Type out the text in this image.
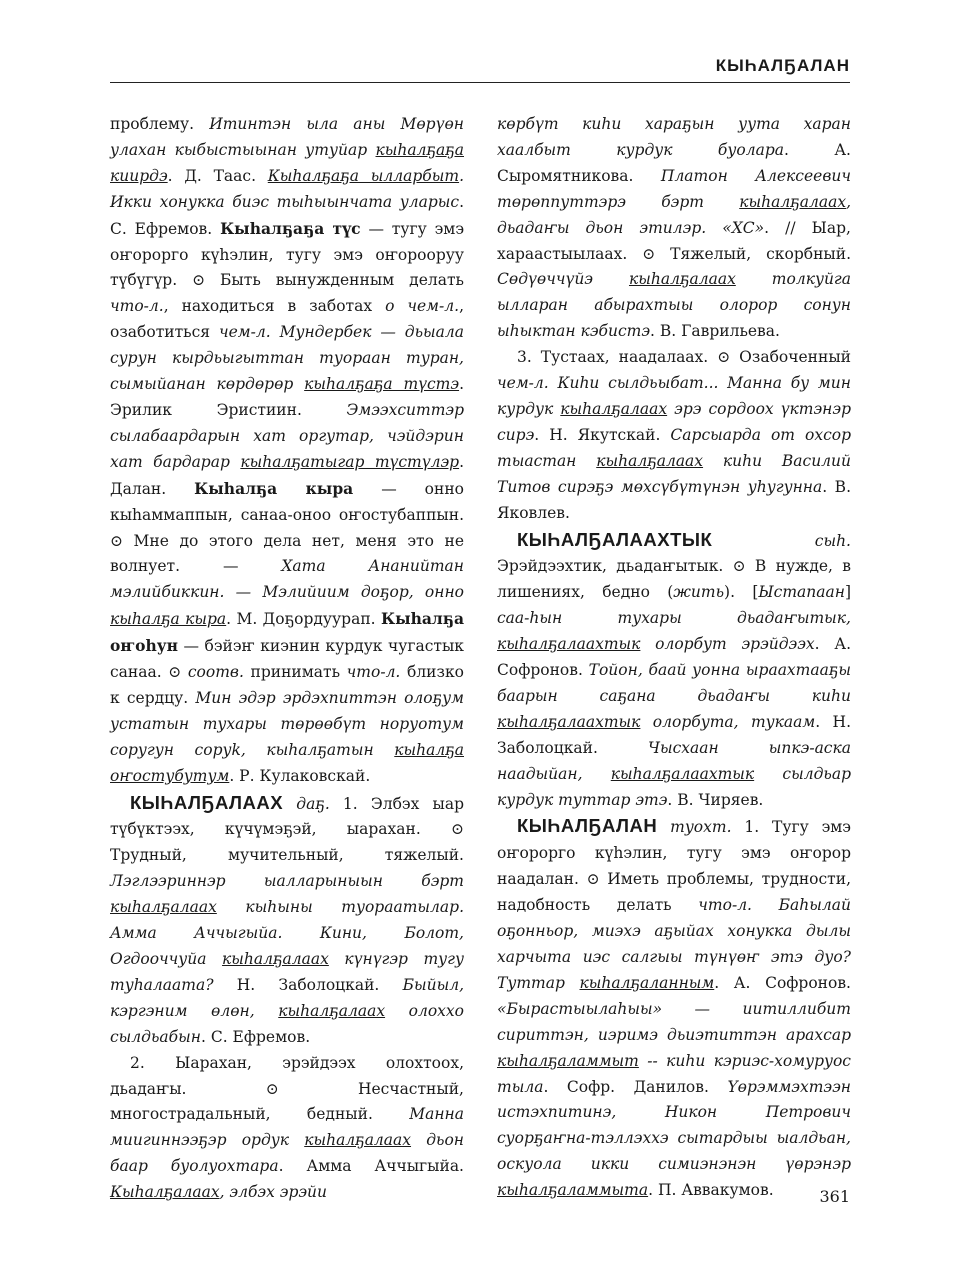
КЫҺАЛҔАЛАН

проблему. Итинтэн ыла аны Мөрүөн улахан кыбыстыынан утуйар кыһалҕаҕа киирдэ. Д. Таас. Кыһалҕаҕа ылларбыт. Икки хонукка биэс тыһыынчата уларыс. С. Ефремов. Кыһалҕаҕа түс — тугу эмэ оҥорорго күһэлин, тугу эмэ оҥорооруу түбүгүр. ⊙ Быть вынужденным делать что-л., находиться в заботах о чем-л., озаботиться чем-л. Мундербек — дьыала сурун кырдьыгыттан туораан туран, сымыйанан көрдөрөр кыһалҕаҕа түстэ. Эрилик Эристиин. Эмээхситтэр сылабаардарын хат оргутар, чэйдэрин хат бардарар кыһалҕатыгар түстүлэр. Далан. Кыһалҕа кыра — онно кыһаммаппын, санаа-оноо оҥостубаппын. ⊙ Мне до этого дела нет, меня это не волнует. — Хата Ананийтан мэлийбиккин. — Мэлийиим доҕор, онно кыһалҕа кыра. М. Доҕордуурап. Кыһалҕа оҥоһун — бэйэҥ киэнин курдук чугастык санаа. ⊙ соотв. принимать что-л. близко к сердцу. Мин эдэр эрдэхпиттэн олоҕум устатын тухары төрөөбүт норуотум соругун соруk, кыһалҕатын кыһалҕа оҥостубутум. Р. Кулаковскай.

КЫҺАЛҔАЛААХ даҕ. 1. Элбэх ыар түбүктээх, күчүмэҕэй, ыарахан. ⊙ Трудный, мучительный, тяжелый. Лэглээриннэр ыалларыныын бэрт кыһалҕалаах кыһыны туораатылар. Амма Аччыгыйа. Кини, Болот, Огдооччуйа кыһалҕалаах күнүгэр тугу туһалаата? Н. Заболоцкай. Быйыл, кэргэним өлөн, кыһалҕалаах олоххо сылдьабын. С. Ефремов.

2. Ыарахан, эрэйдээх олохтоох, дьадаҥы. ⊙ Несчастный, многострадальный, бедный. Манна миигиннээҕэр ордук кыһалҕалаах дьон баар буолуохтара. Амма Аччыгыйа. Кыһалҕалаах, элбэх эрэйи

көрбүт киһи хараҕын уута харан хаалбыт курдук буолара. А. Сыромятникова. Платон Алексеевич төрөппуттэрэ бэрт кыһалҕалаах, дьадаҥы дьон этилэр. «ХС». // Ыар, хараастыылаах. ⊙ Тяжелый, скорбный. Сөдүөччүйэ кыһалҕалаах толкуйга ылларан абырахтыы олорор сонун ыһыктан кэбистэ. В. Гаврильева.

3. Тустаах, наадалаах. ⊙ Озабоченный чем-л. Киһи сылдьыбат... Манна бу мин курдук кыһалҕалаах эрэ сордоох үктэнэр сирэ. Н. Якутскай. Сарсыарда от охсор тыастан кыһалҕалаах киһи Василий Титов сирэҕэ мөхсүбүтүнэн уһугунна. В. Яковлев.

КЫҺАЛҔАЛААХТЫК сыһ. Эрэйдээхтик, дьадаҥытык. ⊙ В нужде, в лишениях, бедно (жить). [Ыстапаан] саа-һын тухары дьадаҥытык, кыһалҕалаахтык олорбут эрэйдээх. А. Софронов. Тойон, баай уонна ыраахтааҕы баарын саҕана дьадаҥы киһи кыһалҕалаахтык олорбута, тукаам. Н. Заболоцкай. Чысхаан ыпкэ-аска наадыйан, кыһалҕалаахтык сылдьар курдук туттар этэ. В. Чиряев.

КЫҺАЛҔАЛАН туохт. 1. Тугу эмэ оҥорорго күһэлин, тугу эмэ оҥорор наадалан. ⊙ Иметь проблемы, трудности, надобность делать что-л. Баһылай оҕонньор, миэхэ аҕыйах хонукка дылы харчыта иэс салгыы түнүөҥ этэ дуо? Туттар кыһалҕаланным. А. Софронов. «Бырастыылаһыы» — иитиллибит сириттэн, иэримэ дьиэтиттэн арахсар кыһалҕаламмыт -- киһи кэриэс-хомуруос тыла. Софр. Данилов. Үөрэммэхтээн истэхпитинэ, Никон Петрович суорҕаҥна-тэллэххэ сытардыы ыалдьан, оскуола икки симиэнэнэн үөрэнэр кыһалҕаламмыта. П. Аввакумов.	361
